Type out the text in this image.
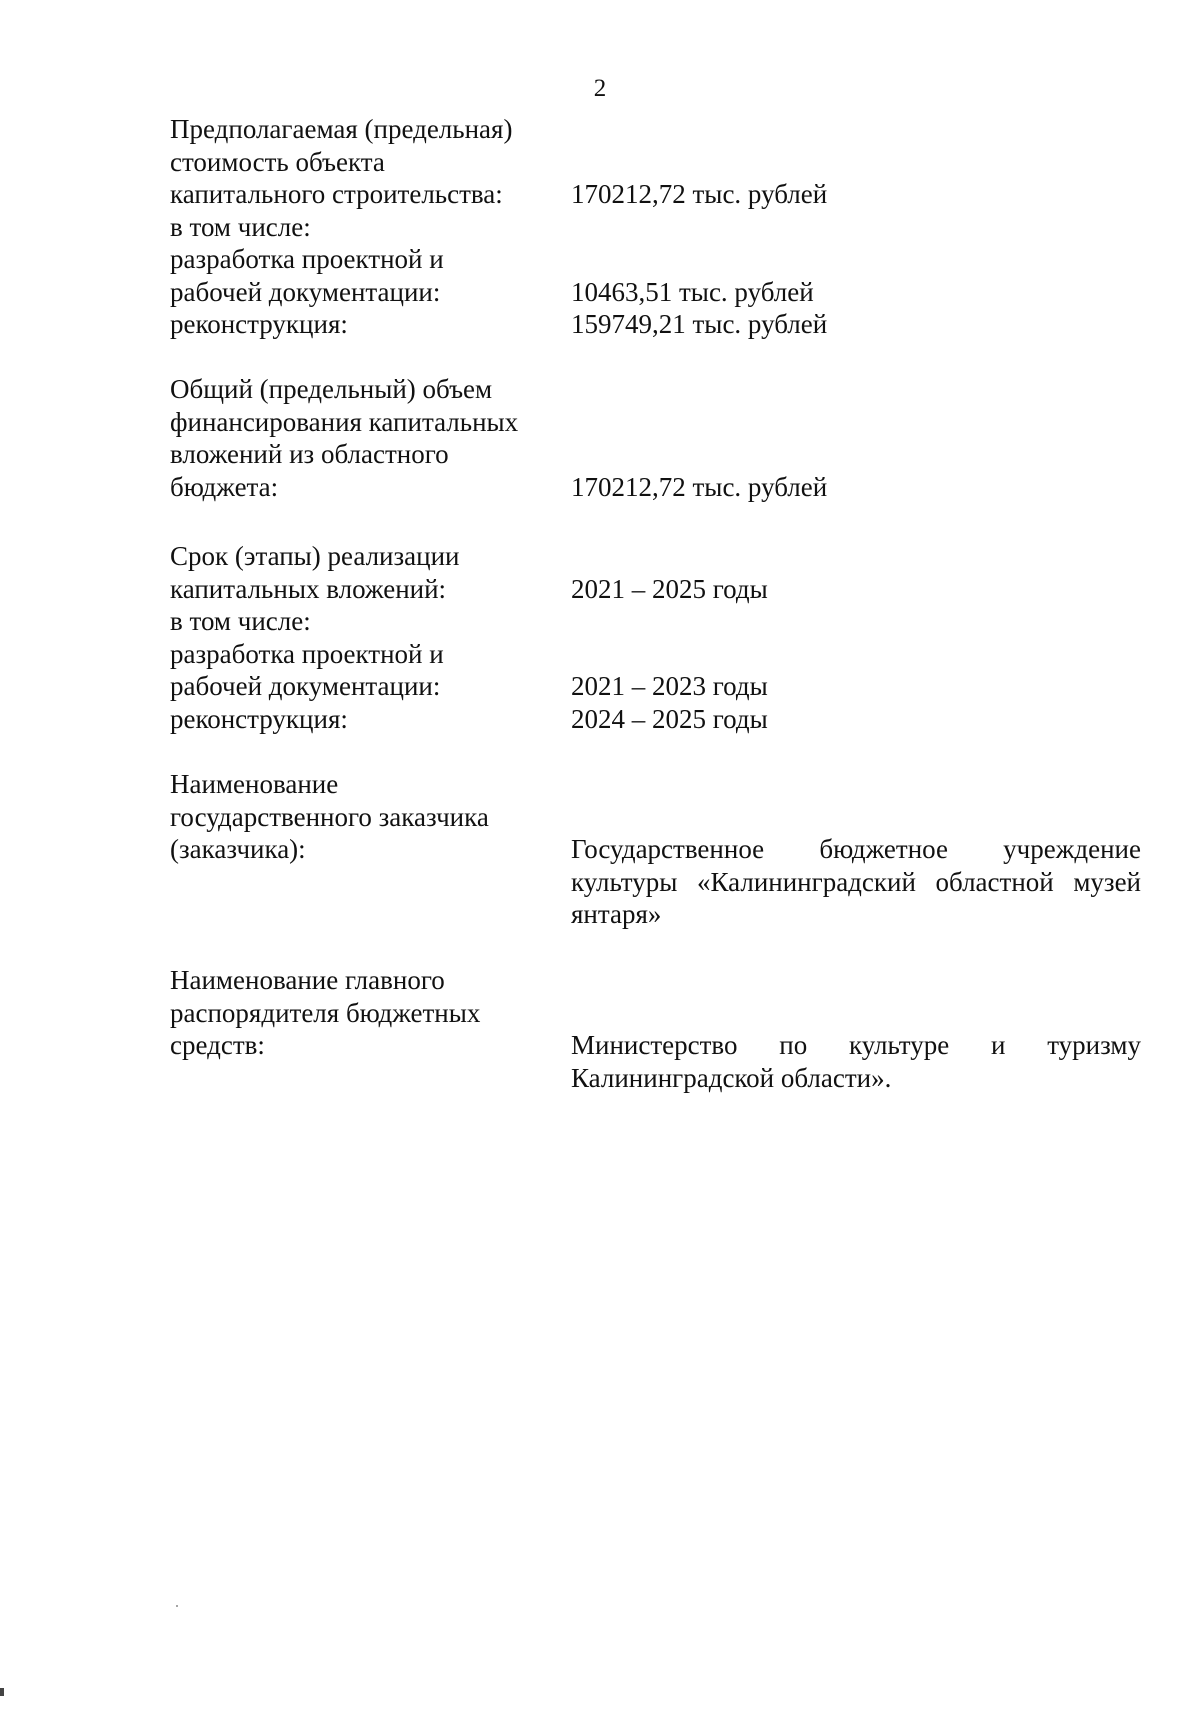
2
Предполагаемая (предельная)
стоимость объекта
капитального строительства:	170212,72 тыс. рублей
в том числе:
разработка проектной и
рабочей документации:	10463,51 тыс. рублей
реконструкция:	159749,21 тыс. рублей
Общий (предельный) объем
финансирования капитальных
вложений из областного
бюджета:	170212,72 тыс. рублей
Срок (этапы) реализации
капитальных вложений:	2021 – 2025 годы
в том числе:
разработка проектной и
рабочей документации:	2021 – 2023 годы
реконструкция:	2024 – 2025 годы
Наименование
государственного заказчика
(заказчика):	Государственное бюджетное учреждение
культуры «Калининградский областной музей
янтаря»
Наименование главного
распорядителя бюджетных
средств:	Министерство по культуре и туризму
Калининградской области».
